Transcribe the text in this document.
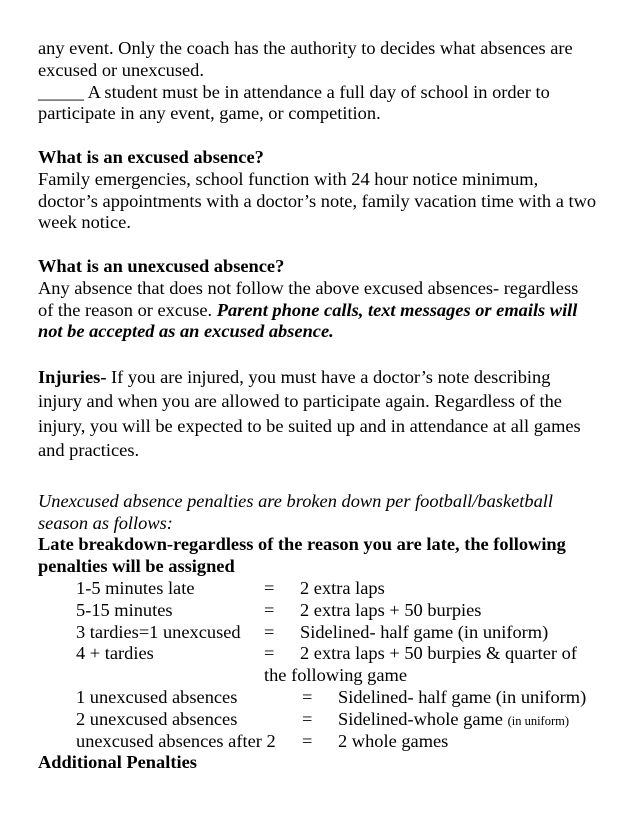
any event. Only the coach has the authority to decides what absences are excused or unexcused.
_____ A student must be in attendance a full day of school in order to participate in any event, game, or competition.

What is an excused absence?
Family emergencies, school function with 24 hour notice minimum, doctor’s appointments with a doctor’s note, family vacation time with a two week notice.

What is an unexcused absence?
Any absence that does not follow the above excused absences- regardless of the reason or excuse. Parent phone calls, text messages or emails will not be accepted as an excused absence.

Injuries- If you are injured, you must have a doctor’s note describing injury and when you are allowed to participate again. Regardless of the injury, you will be expected to be suited up and in attendance at all games and practices.

Unexcused absence penalties are broken down per football/basketball season as follows:

Late breakdown-regardless of the reason you are late, the following penalties will be assigned

1-5 minutes late	= 2 extra laps
5-15 minutes	= 2 extra laps + 50 burpies
3 tardies=1 unexcused = Sidelined- half game (in uniform)
4 + tardies	= 2 extra laps + 50 burpies & quarter of
the following game
1 unexcused absences	= Sidelined- half game (in uniform)
2 unexcused absences	= Sidelined-whole game (in uniform)
unexcused absences after 2 = 2 whole games

Additional Penalties
